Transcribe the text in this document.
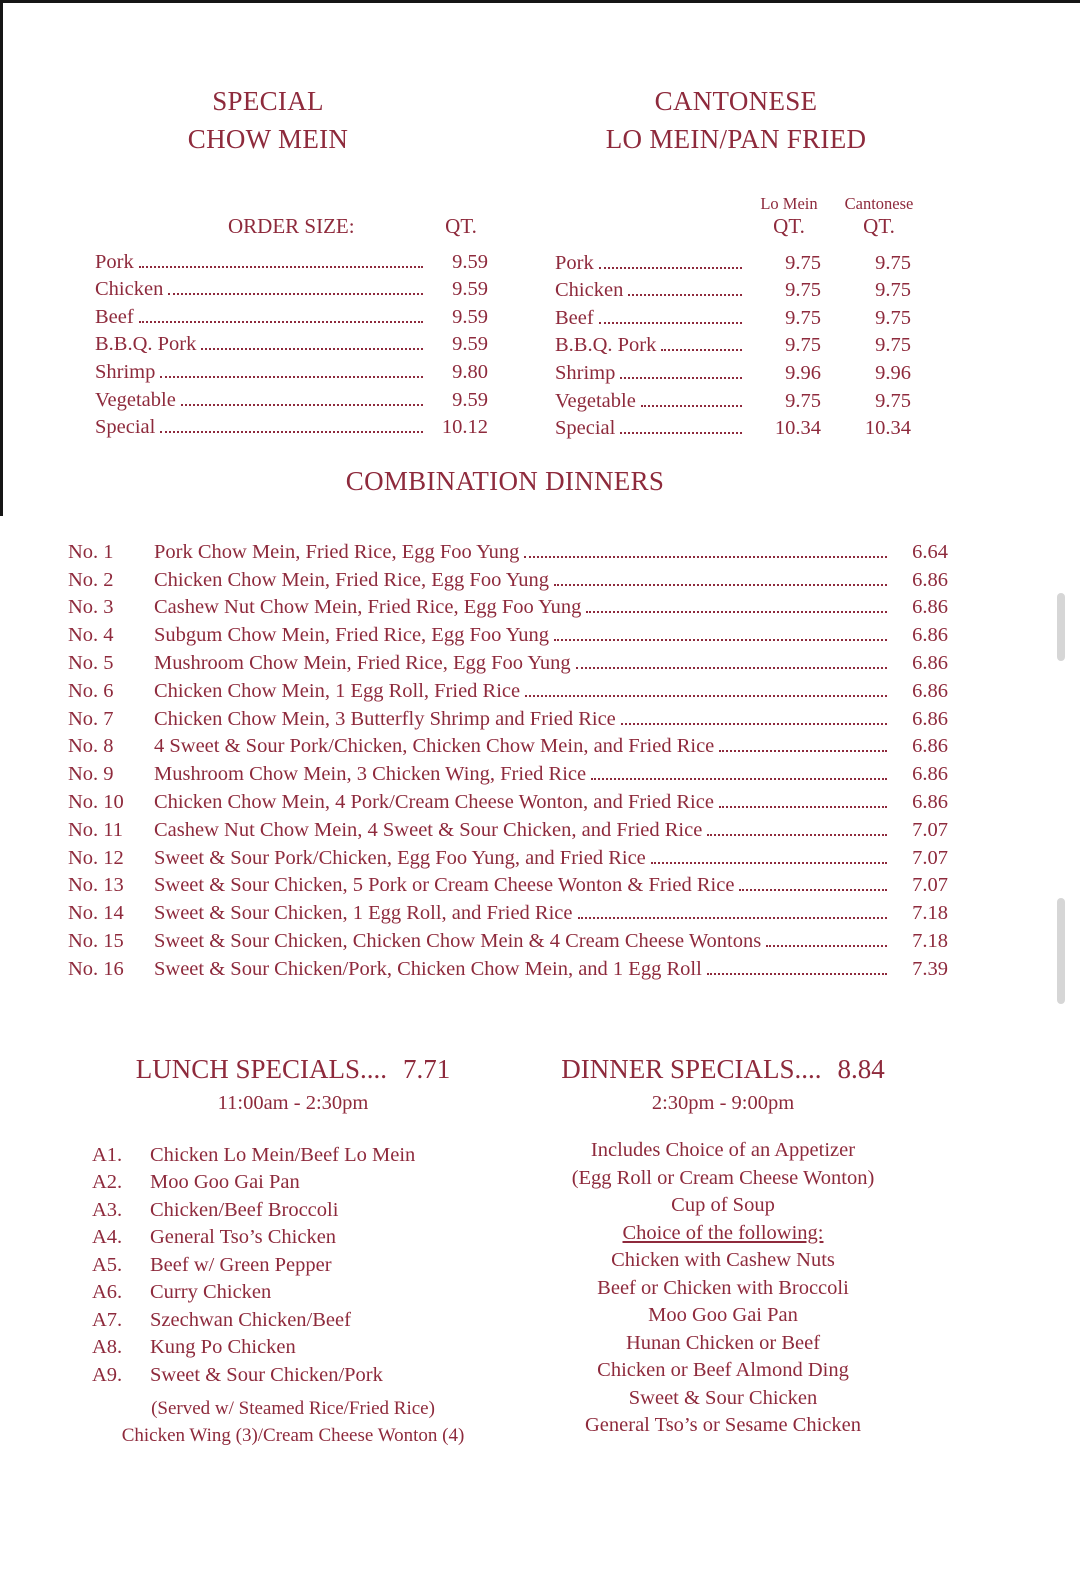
SPECIAL
CHOW MEIN
ORDER SIZE:	QT.
Pork	9.59
Chicken	9.59
Beef	9.59
B.B.Q. Pork	9.59
Shrimp	9.80
Vegetable	9.59
Special	10.12
CANTONESE
LO MEIN/PAN FRIED
Lo Mein	Cantonese
QT.	QT.
Pork	9.75	9.75
Chicken	9.75	9.75
Beef	9.75	9.75
B.B.Q. Pork	9.75	9.75
Shrimp	9.96	9.96
Vegetable	9.75	9.75
Special	10.34	10.34
COMBINATION DINNERS
No. 1	Pork Chow Mein, Fried Rice, Egg Foo Yung	6.64
No. 2	Chicken Chow Mein, Fried Rice, Egg Foo Yung	6.86
No. 3	Cashew Nut Chow Mein, Fried Rice, Egg Foo Yung	6.86
No. 4	Subgum Chow Mein, Fried Rice, Egg Foo Yung	6.86
No. 5	Mushroom Chow Mein, Fried Rice, Egg Foo Yung	6.86
No. 6	Chicken Chow Mein, 1 Egg Roll, Fried Rice	6.86
No. 7	Chicken Chow Mein, 3 Butterfly Shrimp and Fried Rice	6.86
No. 8	4 Sweet & Sour Pork/Chicken, Chicken Chow Mein, and Fried Rice	6.86
No. 9	Mushroom Chow Mein, 3 Chicken Wing, Fried Rice	6.86
No. 10	Chicken Chow Mein, 4 Pork/Cream Cheese Wonton, and Fried Rice	6.86
No. 11	Cashew Nut Chow Mein, 4 Sweet & Sour Chicken, and Fried Rice	7.07
No. 12	Sweet & Sour Pork/Chicken, Egg Foo Yung, and Fried Rice	7.07
No. 13	Sweet & Sour Chicken, 5 Pork or Cream Cheese Wonton & Fried Rice	7.07
No. 14	Sweet & Sour Chicken, 1 Egg Roll, and Fried Rice	7.18
No. 15	Sweet & Sour Chicken, Chicken Chow Mein & 4 Cream Cheese Wontons	7.18
No. 16	Sweet & Sour Chicken/Pork, Chicken Chow Mein, and 1 Egg Roll	7.39
LUNCH SPECIALS.... 7.71
11:00am - 2:30pm
A1.	Chicken Lo Mein/Beef Lo Mein
A2.	Moo Goo Gai Pan
A3.	Chicken/Beef Broccoli
A4.	General Tso’s Chicken
A5.	Beef w/ Green Pepper
A6.	Curry Chicken
A7.	Szechwan Chicken/Beef
A8.	Kung Po Chicken
A9.	Sweet & Sour Chicken/Pork
(Served w/ Steamed Rice/Fried Rice)
Chicken Wing (3)/Cream Cheese Wonton (4)
DINNER SPECIALS.... 8.84
2:30pm - 9:00pm
Includes Choice of an Appetizer
(Egg Roll or Cream Cheese Wonton)
Cup of Soup
Choice of the following:
Chicken with Cashew Nuts
Beef or Chicken with Broccoli
Moo Goo Gai Pan
Hunan Chicken or Beef
Chicken or Beef Almond Ding
Sweet & Sour Chicken
General Tso’s or Sesame Chicken
